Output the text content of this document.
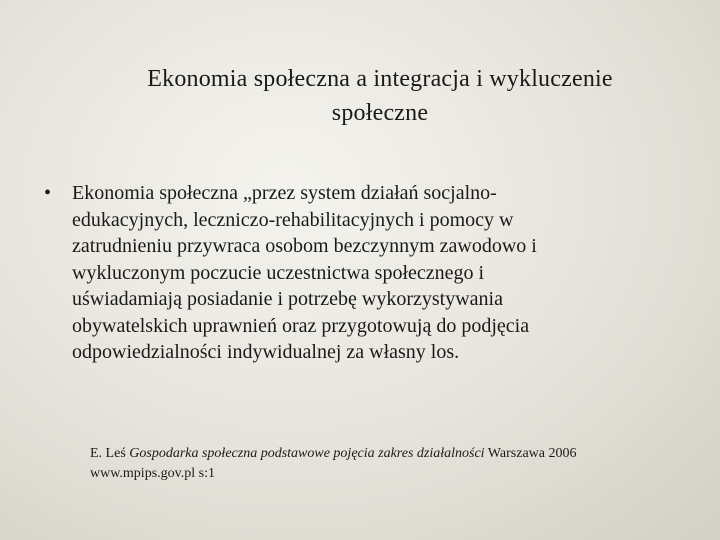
Ekonomia społeczna a integracja i wykluczenie
społeczne
•	Ekonomia społeczna „przez system działań socjalno-
edukacyjnych, leczniczo-rehabilitacyjnych i pomocy w
zatrudnieniu przywraca osobom bezczynnym zawodowo i
wykluczonym poczucie uczestnictwa społecznego i
uświadamiają posiadanie i potrzebę wykorzystywania
obywatelskich uprawnień oraz przygotowują do podjęcia
odpowiedzialności indywidualnej za własny los.
E. Leś Gospodarka społeczna podstawowe pojęcia zakres działalności Warszawa 2006
www.mpips.gov.pl s:1
